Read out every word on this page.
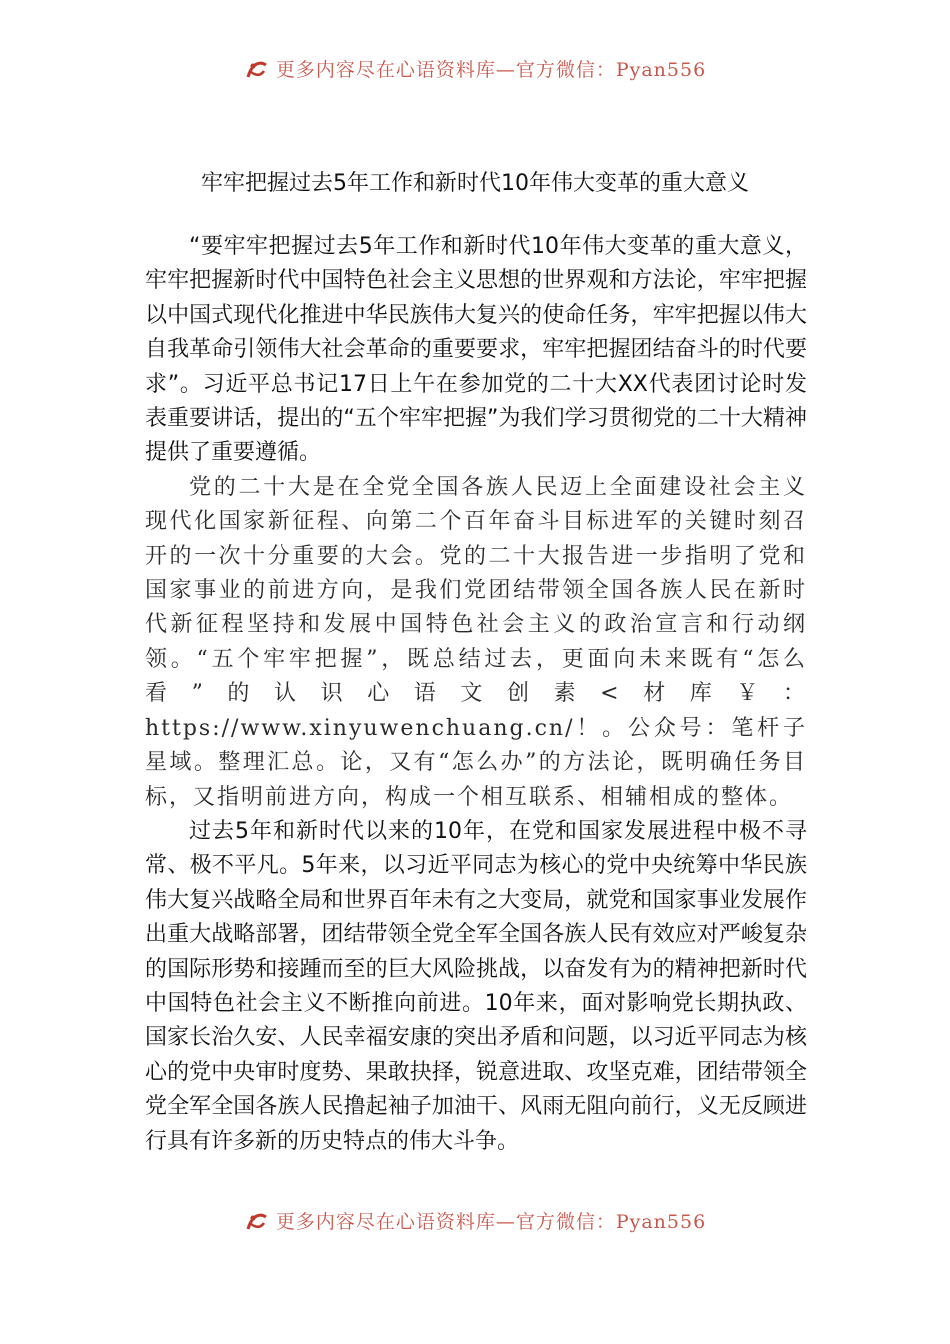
更多内容尽在心语资料库—官方微信：Pyan556
牢牢把握过去5年工作和新时代10年伟大变革的重大意义

“要牢牢把握过去5年工作和新时代10年伟大变革的重大意义，牢牢把握新时代中国特色社会主义思想的世界观和方法论，牢牢把握以中国式现代化推进中华民族伟大复兴的使命任务，牢牢把握以伟大自我革命引领伟大社会革命的重要要求，牢牢把握团结奋斗的时代要求”。习近平总书记17日上午在参加党的二十大XX代表团讨论时发表重要讲话，提出的“五个牢牢把握”为我们学习贯彻党的二十大精神提供了重要遵循。

党的二十大是在全党全国各族人民迈上全面建设社会主义现代化国家新征程、向第二个百年奋斗目标进军的关键时刻召开的一次十分重要的大会。党的二十大报告进一步指明了党和国家事业的前进方向，是我们党团结带领全国各族人民在新时代新征程坚持和发展中国特色社会主义的政治宣言和行动纲领。“五个牢牢把握”，既总结过去，更面向未来既有“怎么看”的认识心语文创素<材库￥：https://www.xinyuwenchuang.cn/！。公众号：笔杆子星域。整理汇总。论，又有“怎么办”的方法论，既明确任务目标，又指明前进方向，构成一个相互联系、相辅相成的整体。

过去5年和新时代以来的10年，在党和国家发展进程中极不寻常、极不平凡。5年来，以习近平同志为核心的党中央统筹中华民族伟大复兴战略全局和世界百年未有之大变局，就党和国家事业发展作出重大战略部署，团结带领全党全军全国各族人民有效应对严峻复杂的国际形势和接踵而至的巨大风险挑战，以奋发有为的精神把新时代中国特色社会主义不断推向前进。10年来，面对影响党长期执政、国家长治久安、人民幸福安康的突出矛盾和问题，以习近平同志为核心的党中央审时度势、果敢抉择，锐意进取、攻坚克难，团结带领全党全军全国各族人民撸起袖子加油干、风雨无阻向前行，义无反顾进行具有许多新的历史特点的伟大斗争。

更多内容尽在心语资料库—官方微信：Pyan556
